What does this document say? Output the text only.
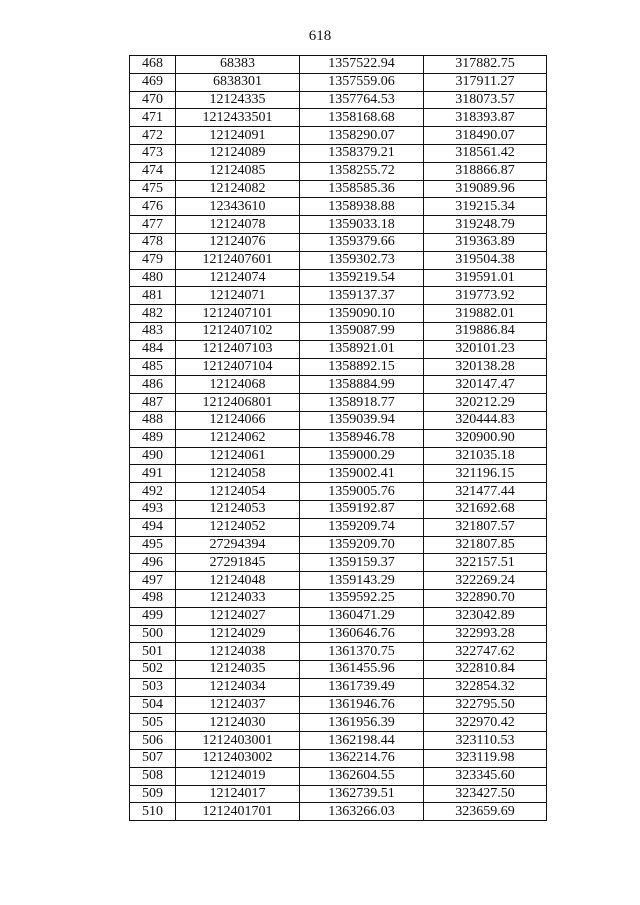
618
468	68383	1357522.94	317882.75
469	6838301	1357559.06	317911.27
470	12124335	1357764.53	318073.57
471	1212433501	1358168.68	318393.87
472	12124091	1358290.07	318490.07
473	12124089	1358379.21	318561.42
474	12124085	1358255.72	318866.87
475	12124082	1358585.36	319089.96
476	12343610	1358938.88	319215.34
477	12124078	1359033.18	319248.79
478	12124076	1359379.66	319363.89
479	1212407601	1359302.73	319504.38
480	12124074	1359219.54	319591.01
481	12124071	1359137.37	319773.92
482	1212407101	1359090.10	319882.01
483	1212407102	1359087.99	319886.84
484	1212407103	1358921.01	320101.23
485	1212407104	1358892.15	320138.28
486	12124068	1358884.99	320147.47
487	1212406801	1358918.77	320212.29
488	12124066	1359039.94	320444.83
489	12124062	1358946.78	320900.90
490	12124061	1359000.29	321035.18
491	12124058	1359002.41	321196.15
492	12124054	1359005.76	321477.44
493	12124053	1359192.87	321692.68
494	12124052	1359209.74	321807.57
495	27294394	1359209.70	321807.85
496	27291845	1359159.37	322157.51
497	12124048	1359143.29	322269.24
498	12124033	1359592.25	322890.70
499	12124027	1360471.29	323042.89
500	12124029	1360646.76	322993.28
501	12124038	1361370.75	322747.62
502	12124035	1361455.96	322810.84
503	12124034	1361739.49	322854.32
504	12124037	1361946.76	322795.50
505	12124030	1361956.39	322970.42
506	1212403001	1362198.44	323110.53
507	1212403002	1362214.76	323119.98
508	12124019	1362604.55	323345.60
509	12124017	1362739.51	323427.50
510	1212401701	1363266.03	323659.69
